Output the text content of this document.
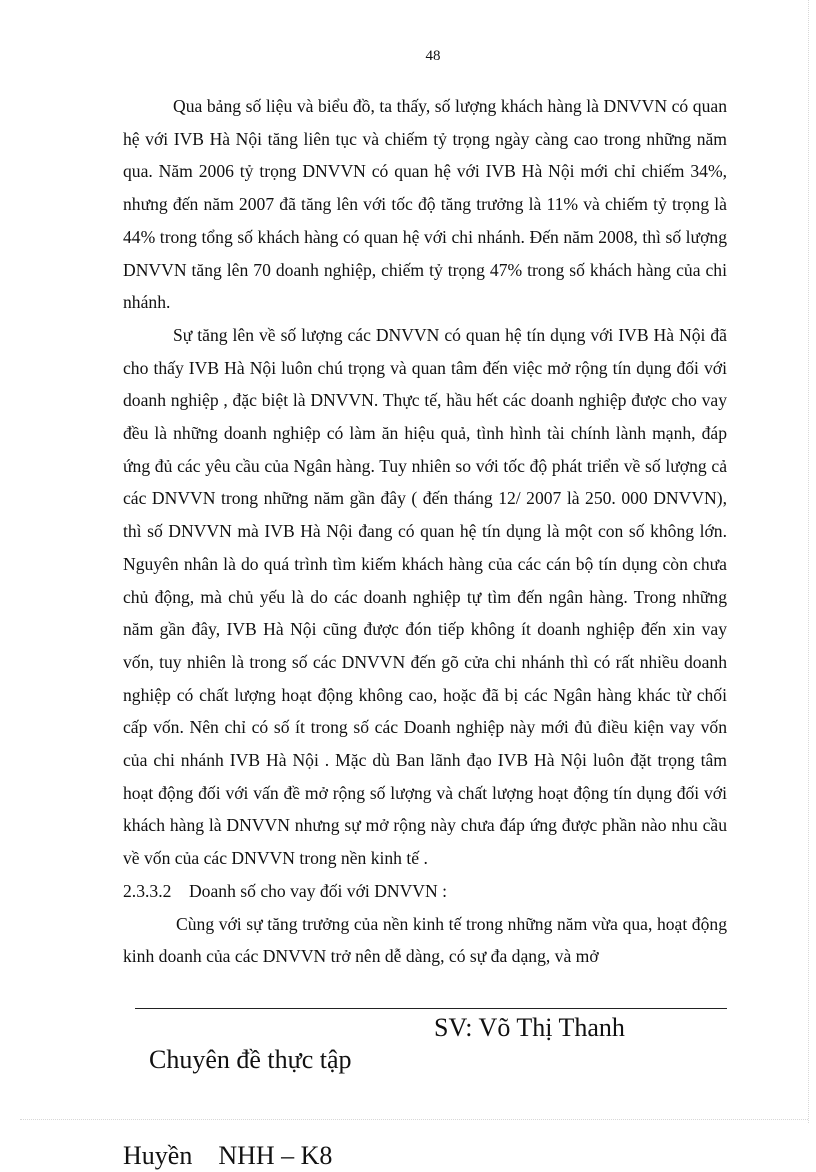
48

Qua bảng số liệu và biểu đồ, ta thấy, số lượng khách hàng là DNVVN có quan hệ với IVB Hà Nội tăng liên tục và chiếm tỷ trọng ngày càng cao trong những năm qua. Năm 2006 tỷ trọng DNVVN có quan hệ với IVB Hà Nội mới chỉ chiếm 34%, nhưng đến năm 2007 đã tăng lên với tốc độ tăng trưởng là 11% và chiếm tỷ trọng là 44% trong tổng số khách hàng có quan hệ với chi nhánh. Đến năm 2008, thì số lượng DNVVN tăng lên 70 doanh nghiệp, chiếm tỷ trọng 47% trong số khách hàng của chi nhánh.

Sự tăng lên về số lượng các DNVVN có quan hệ tín dụng với IVB Hà Nội đã cho thấy IVB Hà Nội luôn chú trọng và quan tâm đến việc mở rộng tín dụng đối với doanh nghiệp , đặc biệt là DNVVN. Thực tế, hầu hết các doanh nghiệp được cho vay đều là những doanh nghiệp có làm ăn hiệu quả, tình hình tài chính lành mạnh, đáp ứng đủ các yêu cầu của Ngân hàng. Tuy nhiên so với tốc độ phát triển về số lượng cả các DNVVN trong những năm gần đây ( đến tháng 12/ 2007 là 250. 000 DNVVN), thì số DNVVN mà IVB Hà Nội đang có quan hệ tín dụng là một con số không lớn. Nguyên nhân là do quá trình tìm kiếm khách hàng của các cán bộ tín dụng còn chưa chủ động, mà chủ yếu là do các doanh nghiệp tự tìm đến ngân hàng. Trong những năm gần đây, IVB Hà Nội cũng được đón tiếp không ít doanh nghiệp đến xin vay vốn, tuy nhiên là trong số các DNVVN đến gõ cửa chi nhánh thì có rất nhiều doanh nghiệp có chất lượng hoạt động không cao, hoặc đã bị các Ngân hàng khác từ chối cấp vốn. Nên chỉ có số ít trong số các Doanh nghiệp này mới đủ điều kiện vay vốn của chi nhánh IVB Hà Nội . Mặc dù Ban lãnh đạo IVB Hà Nội luôn đặt trọng tâm hoạt động đối với vấn đề mở rộng số lượng và chất lượng hoạt động tín dụng đối với khách hàng là DNVVN nhưng sự mở rộng này chưa đáp ứng được phần nào nhu cầu về vốn của các DNVVN trong nền kinh tế .

2.3.3.2    Doanh số cho vay đối với DNVVN :

Cùng với sự tăng trưởng của nền kinh tế trong những năm vừa qua, hoạt động kinh doanh của các DNVVN trở nên dễ dàng, có sự đa dạng, và mở

Chuyên đề thực tập

SV: Võ Thị Thanh

Huyền    NHH – K8
